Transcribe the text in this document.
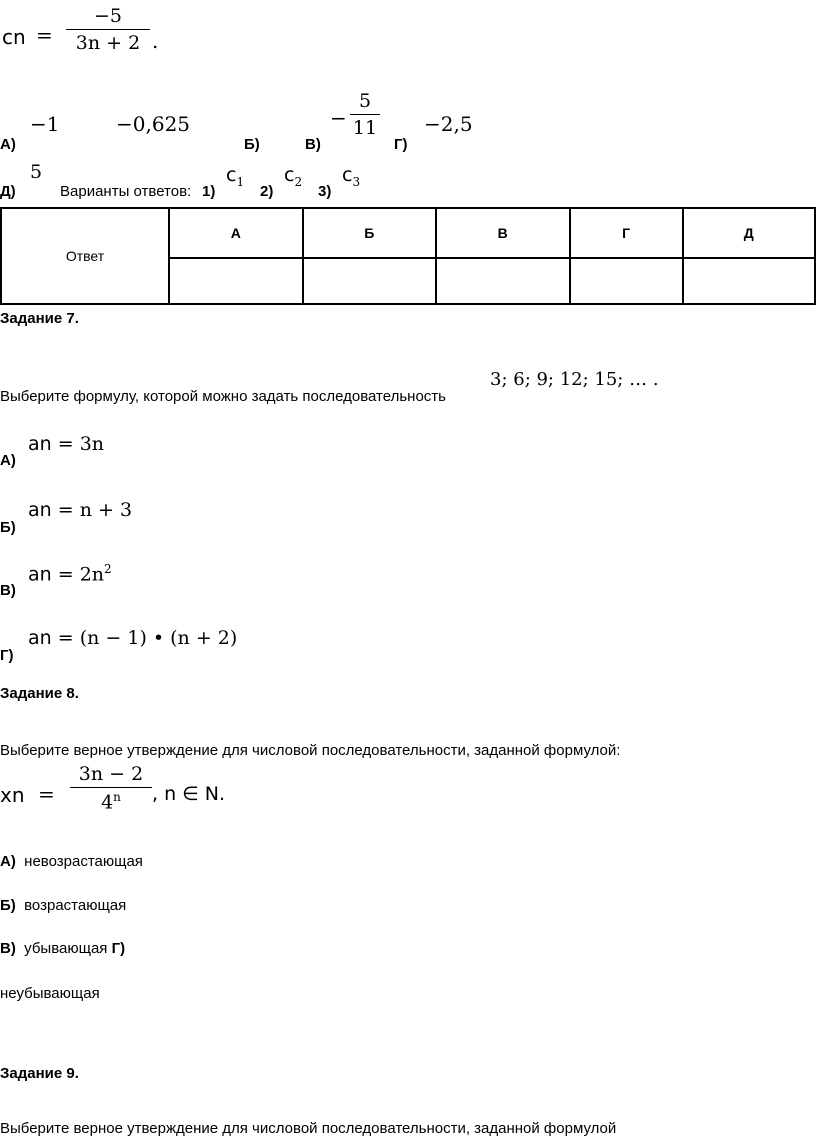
cn =
−5
3n + 2 .
А)
−1	−0,625
Б)	В)
−
5
11
Г)
−2,5
Д)
5
Варианты ответов: 1)
$c_1$
2)
$c_2$
3)
$c_3$
Ответ	А	Б	В	Г	Д

Задание 7.
Выберите формулу, которой можно задать последовательность
3; 6; 9; 12; 15; … .
А)
an = 3n
Б)
an = n + 3
В)
an = $2n^2$
Г)
an = (n − 1) • (n + 2)
Задание 8.
Выберите верное утверждение для числовой последовательности, заданной формулой:
xn =
3n − 2
4$^n$	, n ∈ N.
А) невозрастающая
Б) возрастающая
В) убывающая Г)
неубывающая
Задание 9.
Выберите верное утверждение для числовой последовательности, заданной формулой
